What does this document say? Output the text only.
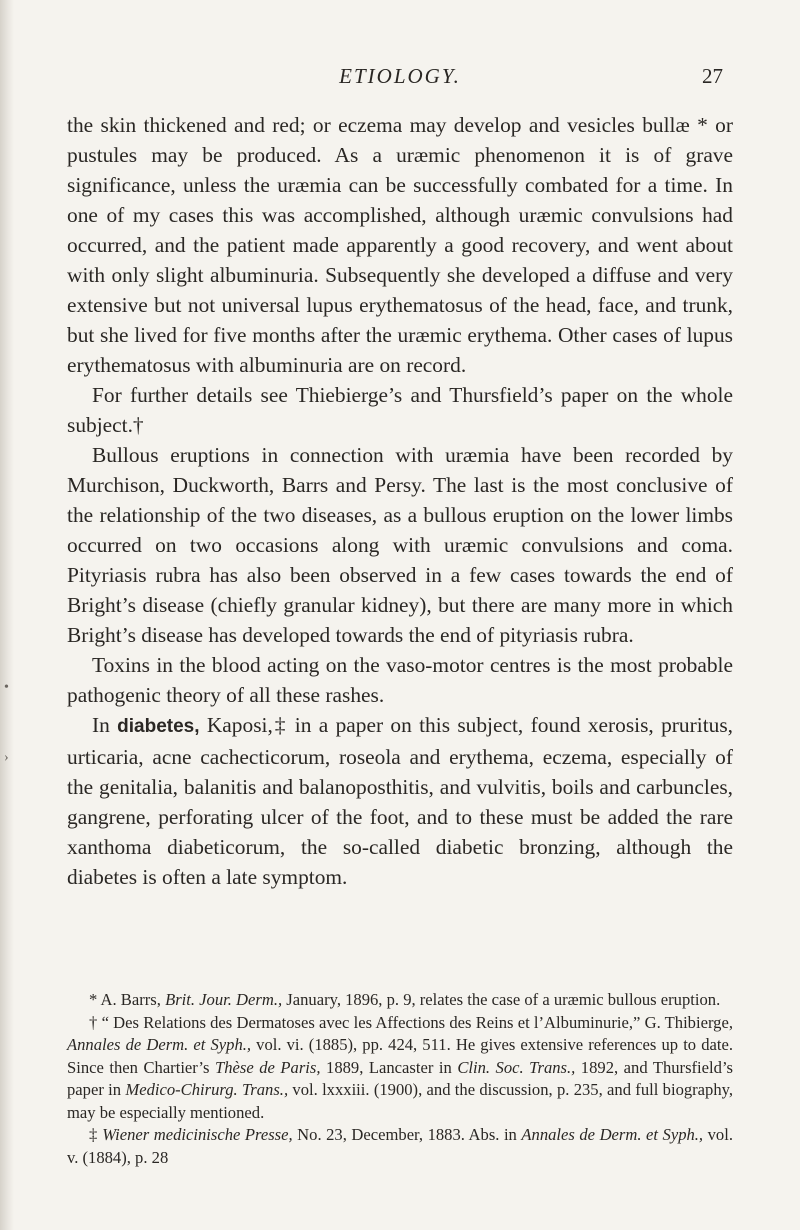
•
›
ETIOLOGY.	27

the skin thickened and red; or eczema may develop and vesicles bullæ * or pustules may be produced. As a uræmic phenomenon it is of grave significance, unless the uræmia can be successfully combated for a time. In one of my cases this was accomplished, although uræmic convulsions had occurred, and the patient made apparently a good recovery, and went about with only slight albuminuria. Subsequently she developed a diffuse and very extensive but not universal lupus erythematosus of the head, face, and trunk, but she lived for five months after the uræmic erythema. Other cases of lupus erythematosus with albuminuria are on record.

For further details see Thiebierge’s and Thursfield’s paper on the whole subject.†

Bullous eruptions in connection with uræmia have been recorded by Murchison, Duckworth, Barrs and Persy. The last is the most conclusive of the relationship of the two diseases, as a bullous eruption on the lower limbs occurred on two occasions along with uræmic convulsions and coma. Pityriasis rubra has also been observed in a few cases towards the end of Bright’s disease (chiefly granular kidney), but there are many more in which Bright’s disease has developed towards the end of pityriasis rubra.

Toxins in the blood acting on the vaso-motor centres is the most probable pathogenic theory of all these rashes.

In diabetes, Kaposi,‡ in a paper on this subject, found xerosis, pruritus, urticaria, acne cachecticorum, roseola and erythema, eczema, especially of the genitalia, balanitis and balanoposthitis, and vulvitis, boils and carbuncles, gangrene, perforating ulcer of the foot, and to these must be added the rare xanthoma diabeticorum, the so-called diabetic bronzing, although the diabetes is often a late symptom.

* A. Barrs, Brit. Jour. Derm., January, 1896, p. 9, relates the case of a uræmic bullous eruption.

† “ Des Relations des Dermatoses avec les Affections des Reins et l’Albuminurie,” G. Thibierge, Annales de Derm. et Syph., vol. vi. (1885), pp. 424, 511. He gives extensive references up to date. Since then Chartier’s Thèse de Paris, 1889, Lancaster in Clin. Soc. Trans., 1892, and Thursfield’s paper in Medico-Chirurg. Trans., vol. lxxxiii. (1900), and the discussion, p. 235, and full biography, may be especially mentioned.

‡ Wiener medicinische Presse, No. 23, December, 1883. Abs. in Annales de Derm. et Syph., vol. v. (1884), p. 28
